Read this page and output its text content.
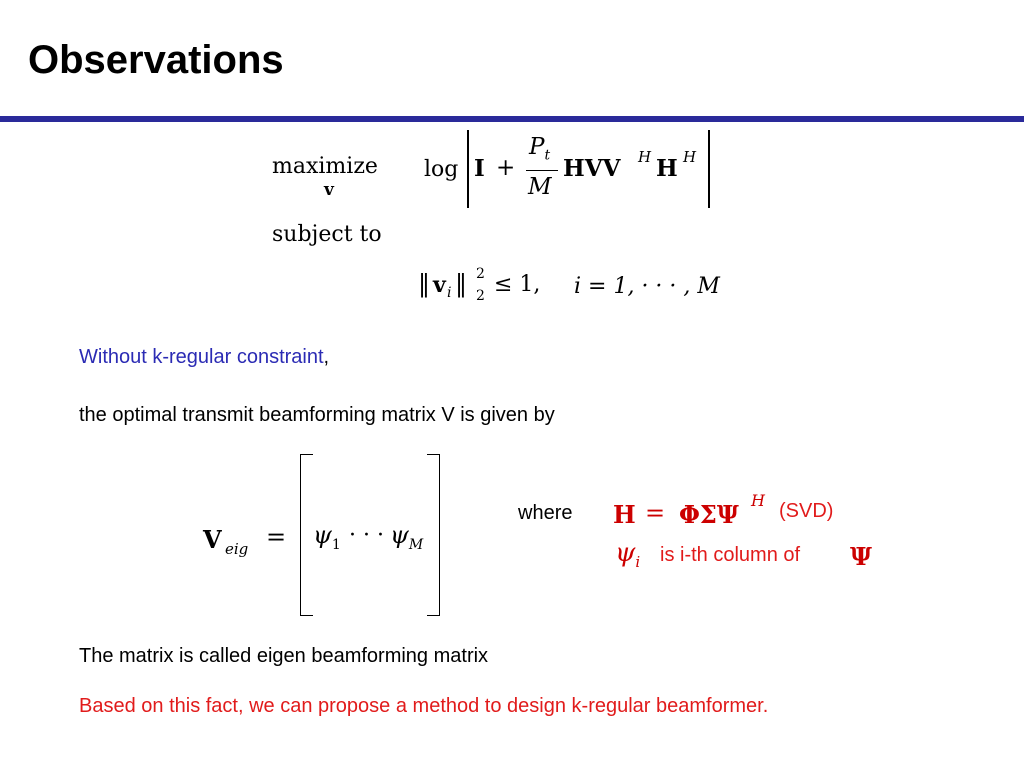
Observations
maximize
v
log I +
$P_t$
M
HVV H H H
subject to
‖ v i ‖ 2
2 ≤ 1, i = 1, · · · , M
Without k-regular constraint,
the optimal transmit beamforming matrix V is given by
V eig = $\psi_1$ · · · $\psi_M$
where H = ΦΣΨ H (SVD)
$\psi_i$ is i-th column of Ψ
The matrix is called eigen beamforming matrix
Based on this fact, we can propose a method to design k-regular beamformer.
